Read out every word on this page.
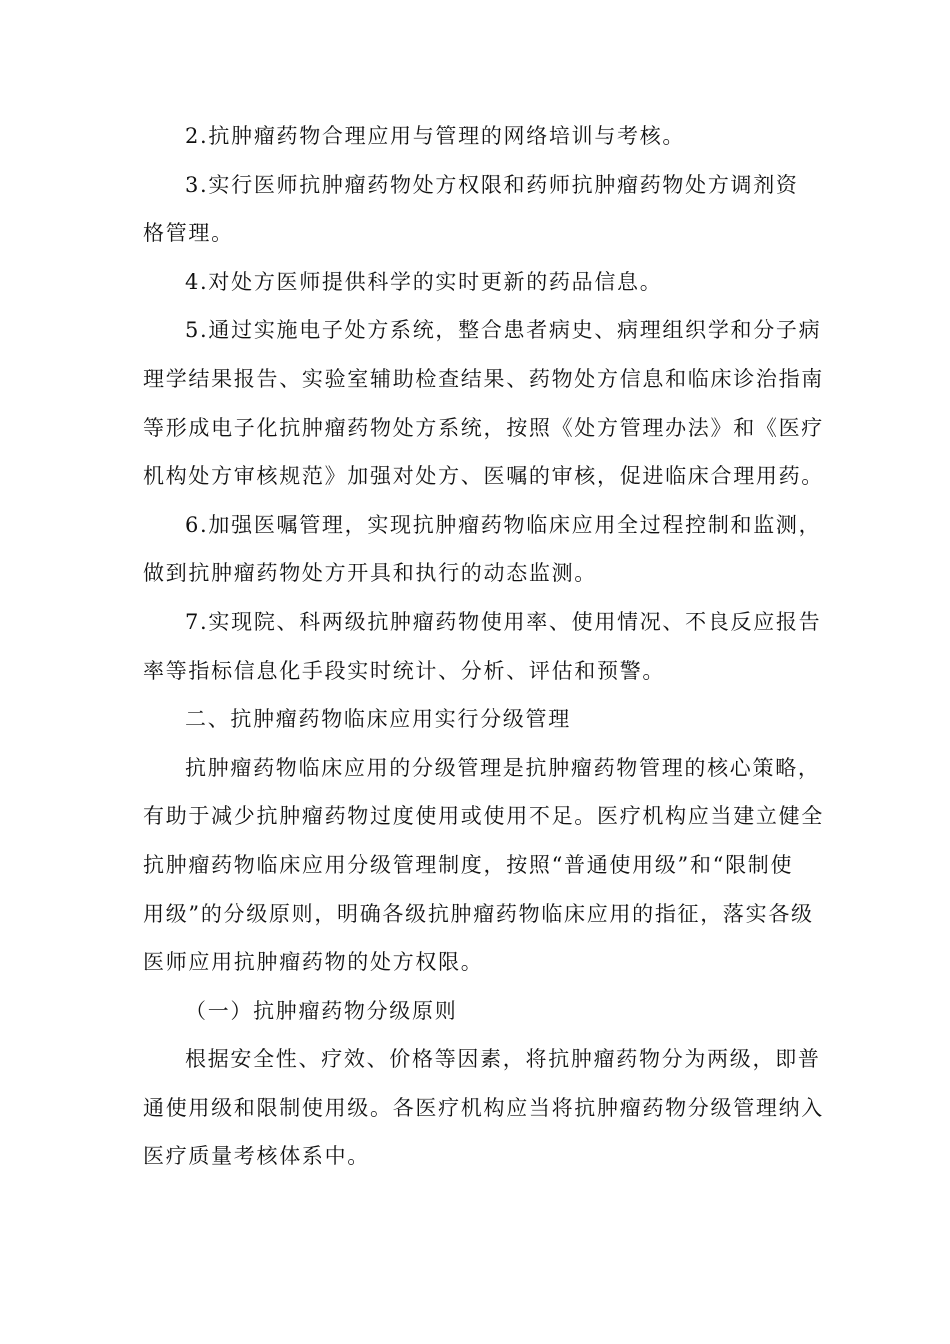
2.抗肿瘤药物合理应用与管理的网络培训与考核。
3.实行医师抗肿瘤药物处方权限和药师抗肿瘤药物处方调剂资
格管理。
4.对处方医师提供科学的实时更新的药品信息。
5.通过实施电子处方系统，整合患者病史、病理组织学和分子病
理学结果报告、实验室辅助检查结果、药物处方信息和临床诊治指南
等形成电子化抗肿瘤药物处方系统，按照《处方管理办法》和《医疗
机构处方审核规范》加强对处方、医嘱的审核，促进临床合理用药。
6.加强医嘱管理，实现抗肿瘤药物临床应用全过程控制和监测，
做到抗肿瘤药物处方开具和执行的动态监测。
7.实现院、科两级抗肿瘤药物使用率、使用情况、不良反应报告
率等指标信息化手段实时统计、分析、评估和预警。
二、抗肿瘤药物临床应用实行分级管理
抗肿瘤药物临床应用的分级管理是抗肿瘤药物管理的核心策略，
有助于减少抗肿瘤药物过度使用或使用不足。医疗机构应当建立健全
抗肿瘤药物临床应用分级管理制度，按照“普通使用级”和“限制使
用级”的分级原则，明确各级抗肿瘤药物临床应用的指征，落实各级
医师应用抗肿瘤药物的处方权限。
（一）抗肿瘤药物分级原则
根据安全性、疗效、价格等因素，将抗肿瘤药物分为两级，即普
通使用级和限制使用级。各医疗机构应当将抗肿瘤药物分级管理纳入
医疗质量考核体系中。
